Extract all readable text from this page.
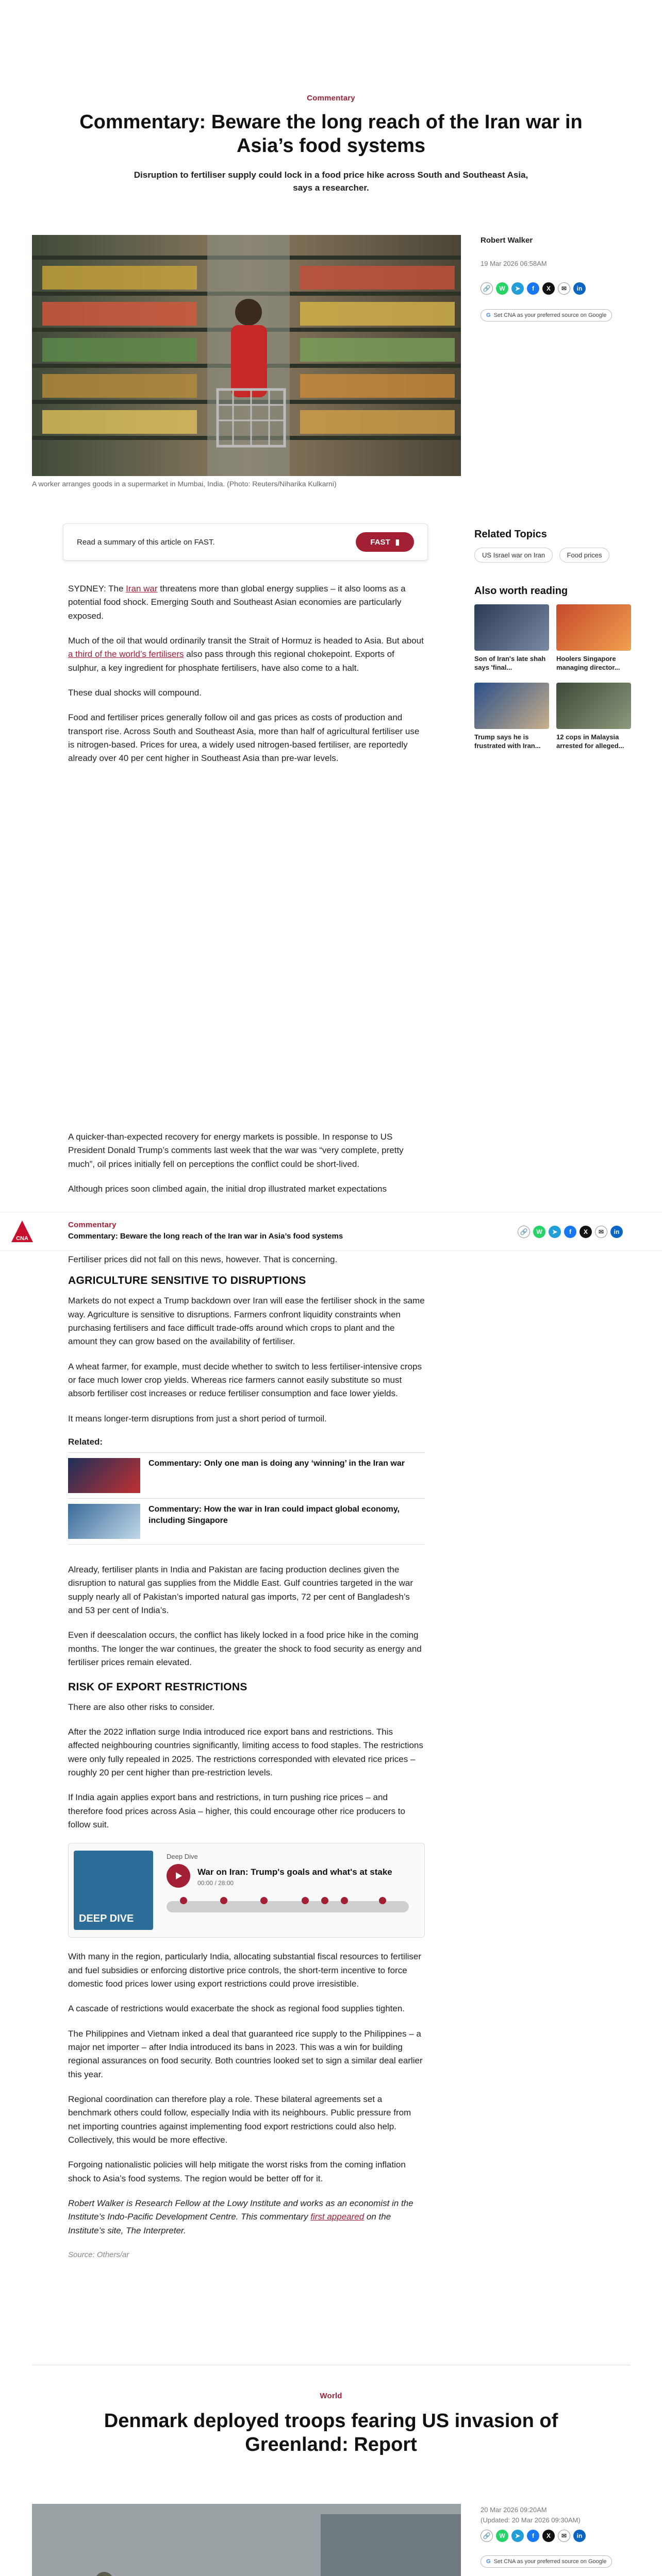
Commentary
Commentary: Beware the long reach of the Iran war in Asia’s food systems
Disruption to fertiliser supply could lock in a food price hike across South and Southeast Asia, says a researcher.
A worker arranges goods in a supermarket in Mumbai, India. (Photo: Reuters/Niharika Kulkarni)
Robert Walker
19 Mar 2026 06:58AM
🔗	W	➤	f	X	✉	in
G Set CNA as your preferred source on Google
Read a summary of this article on FAST.	FAST ▮

SYDNEY: The Iran war threatens more than global energy supplies – it also looms as a potential food shock. Emerging South and Southeast Asian economies are particularly exposed.

Much of the oil that would ordinarily transit the Strait of Hormuz is headed to Asia. But about a third of the world’s fertilisers also pass through this regional chokepoint. Exports of sulphur, a key ingredient for phosphate fertilisers, have also come to a halt.

These dual shocks will compound.

Food and fertiliser prices generally follow oil and gas prices as costs of production and transport rise. Across South and Southeast Asia, more than half of agricultural fertiliser use is nitrogen-based. Prices for urea, a widely used nitrogen-based fertiliser, are reportedly already over 40 per cent higher in Southeast Asia than pre-war levels.

Related Topics
US Israel war on Iran	Food prices
Also worth reading
Son of Iran's late shah says 'final...
Hoolers Singapore managing director...
Trump says he is frustrated with Iran...
12 cops in Malaysia arrested for alleged...

A quicker-than-expected recovery for energy markets is possible. In response to US President Donald Trump’s comments last week that the war was “very complete, pretty much”, oil prices initially fell on perceptions the conflict could be short-lived.

Although prices soon climbed again, the initial drop illustrated market expectations

CNA
Commentary
Commentary: Beware the long reach of the Iran war in Asia’s food systems	🔗	W	➤	f	X	✉	in

Fertiliser prices did not fall on this news, however. That is concerning.

AGRICULTURE SENSITIVE TO DISRUPTIONS

Markets do not expect a Trump backdown over Iran will ease the fertiliser shock in the same way. Agriculture is sensitive to disruptions. Farmers confront liquidity constraints when purchasing fertilisers and face difficult trade-offs around which crops to plant and the amount they can grow based on the availability of fertiliser.

A wheat farmer, for example, must decide whether to switch to less fertiliser-intensive crops or face much lower crop yields. Whereas rice farmers cannot easily substitute so must absorb fertiliser cost increases or reduce fertiliser consumption and face lower yields.

It means longer-term disruptions from just a short period of turmoil.

Related:
Commentary: Only one man is doing any ‘winning’ in the Iran war
Commentary: How the war in Iran could impact global economy, including Singapore

Already, fertiliser plants in India and Pakistan are facing production declines given the disruption to natural gas supplies from the Middle East. Gulf countries targeted in the war supply nearly all of Pakistan’s imported natural gas imports, 72 per cent of Bangladesh’s and 53 per cent of India’s.

Even if deescalation occurs, the conflict has likely locked in a food price hike in the coming months. The longer the war continues, the greater the shock to food security as energy and fertiliser prices remain elevated.

RISK OF EXPORT RESTRICTIONS

There are also other risks to consider.

After the 2022 inflation surge India introduced rice export bans and restrictions. This affected neighbouring countries significantly, limiting access to food staples. The restrictions were only fully repealed in 2025. The restrictions corresponded with elevated rice prices – roughly 20 per cent higher than pre-restriction levels.

If India again applies export bans and restrictions, in turn pushing rice prices – and therefore food prices across Asia – higher, this could encourage other rice producers to follow suit.

DEEP DIVE
Deep Dive
War on Iran: Trump's goals and what's at stake
00:00 / 28:00

With many in the region, particularly India, allocating substantial fiscal resources to fertiliser and fuel subsidies or enforcing distortive price controls, the short-term incentive to force domestic food prices lower using export restrictions could prove irresistible.

A cascade of restrictions would exacerbate the shock as regional food supplies tighten.

The Philippines and Vietnam inked a deal that guaranteed rice supply to the Philippines – a major net importer – after India introduced its bans in 2023. This was a win for building regional assurances on food security. Both countries looked set to sign a similar deal earlier this year.

Regional coordination can therefore play a role. These bilateral agreements set a benchmark others could follow, especially India with its neighbours. Public pressure from net importing countries against implementing food export restrictions could also help. Collectively, this would be more effective.

Forgoing nationalistic policies will help mitigate the worst risks from the coming inflation shock to Asia’s food systems. The region would be better off for it.

Robert Walker is Research Fellow at the Lowy Institute and works as an economist in the Institute’s Indo-Pacific Development Centre. This commentary first appeared on the Institute’s site, The Interpreter.

Source: Others/ar

World
Denmark deployed troops fearing US invasion of Greenland: Report
20 Mar 2026 09:20AM
(Updated: 20 Mar 2026 09:30AM)
🔗	W	➤	f	X	✉	in
G Set CNA as your preferred source on Google
